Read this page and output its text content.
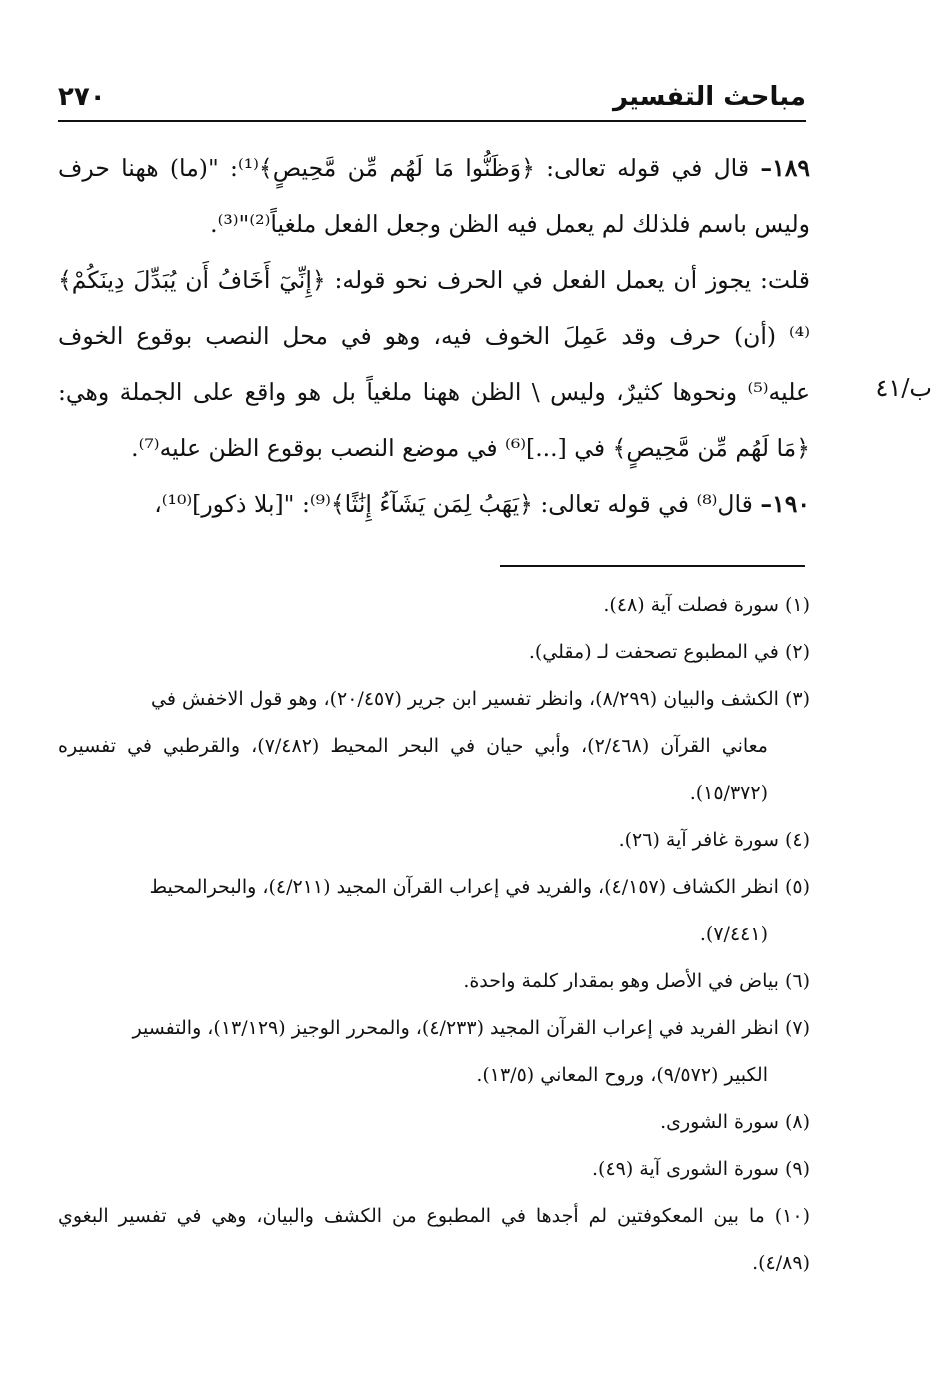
مباحث التفسير
٢٧٠
ب/٤١

١٨٩– قال في قوله تعالى: ﴿وَظَنُّوا مَا لَهُم مِّن مَّحِيصٍ﴾⁽¹⁾: "(ما) ههنا حرف وليس باسم فلذلك لم يعمل فيه الظن وجعل الفعل ملغياً⁽²⁾"⁽³⁾.

قلت: يجوز أن يعمل الفعل في الحرف نحو قوله: ﴿إِنِّيٓ أَخَافُ أَن يُبَدِّلَ دِينَكُمْ﴾⁽⁴⁾ (أن) حرف وقد عَمِلَ الخوف فيه، وهو في محل النصب بوقوع الخوف عليه⁽⁵⁾ ونحوها كثيرٌ، وليس \ الظن ههنا ملغياً بل هو واقع على الجملة وهي: ﴿مَا لَهُم مِّن مَّحِيصٍ﴾ في [...]⁽⁶⁾ في موضع النصب بوقوع الظن عليه⁽⁷⁾.

١٩٠– قال⁽⁸⁾ في قوله تعالى: ﴿يَهَبُ لِمَن يَشَآءُ إِنَٰثًا﴾⁽⁹⁾: "[بلا ذكور]⁽¹⁰⁾،

(١) سورة فصلت آية (٤٨).

(٢) في المطبوع تصحفت لـ (مقلي).

(٣) الكشف والبيان (٨/٢٩٩)، وانظر تفسير ابن جرير (٢٠/٤٥٧)، وهو قول الاخفش في
معاني القرآن (٢/٤٦٨)، وأبي حيان في البحر المحيط (٧/٤٨٢)، والقرطبي في تفسيره (١٥/٣٧٢).

(٤) سورة غافر آية (٢٦).

(٥) انظر الكشاف (٤/١٥٧)، والفريد في إعراب القرآن المجيد (٤/٢١١)، والبحرالمحيط
(٧/٤٤١).

(٦) بياض في الأصل وهو بمقدار كلمة واحدة.

(٧) انظر الفريد في إعراب القرآن المجيد (٤/٢٣٣)، والمحرر الوجيز (١٣/١٢٩)، والتفسير
الكبير (٩/٥٧٢)، وروح المعاني (١٣/٥).

(٨) سورة الشورى.

(٩) سورة الشورى آية (٤٩).

(١٠) ما بين المعكوفتين لم أجدها في المطبوع من الكشف والبيان، وهي في تفسير البغوي (٤/٨٩).
